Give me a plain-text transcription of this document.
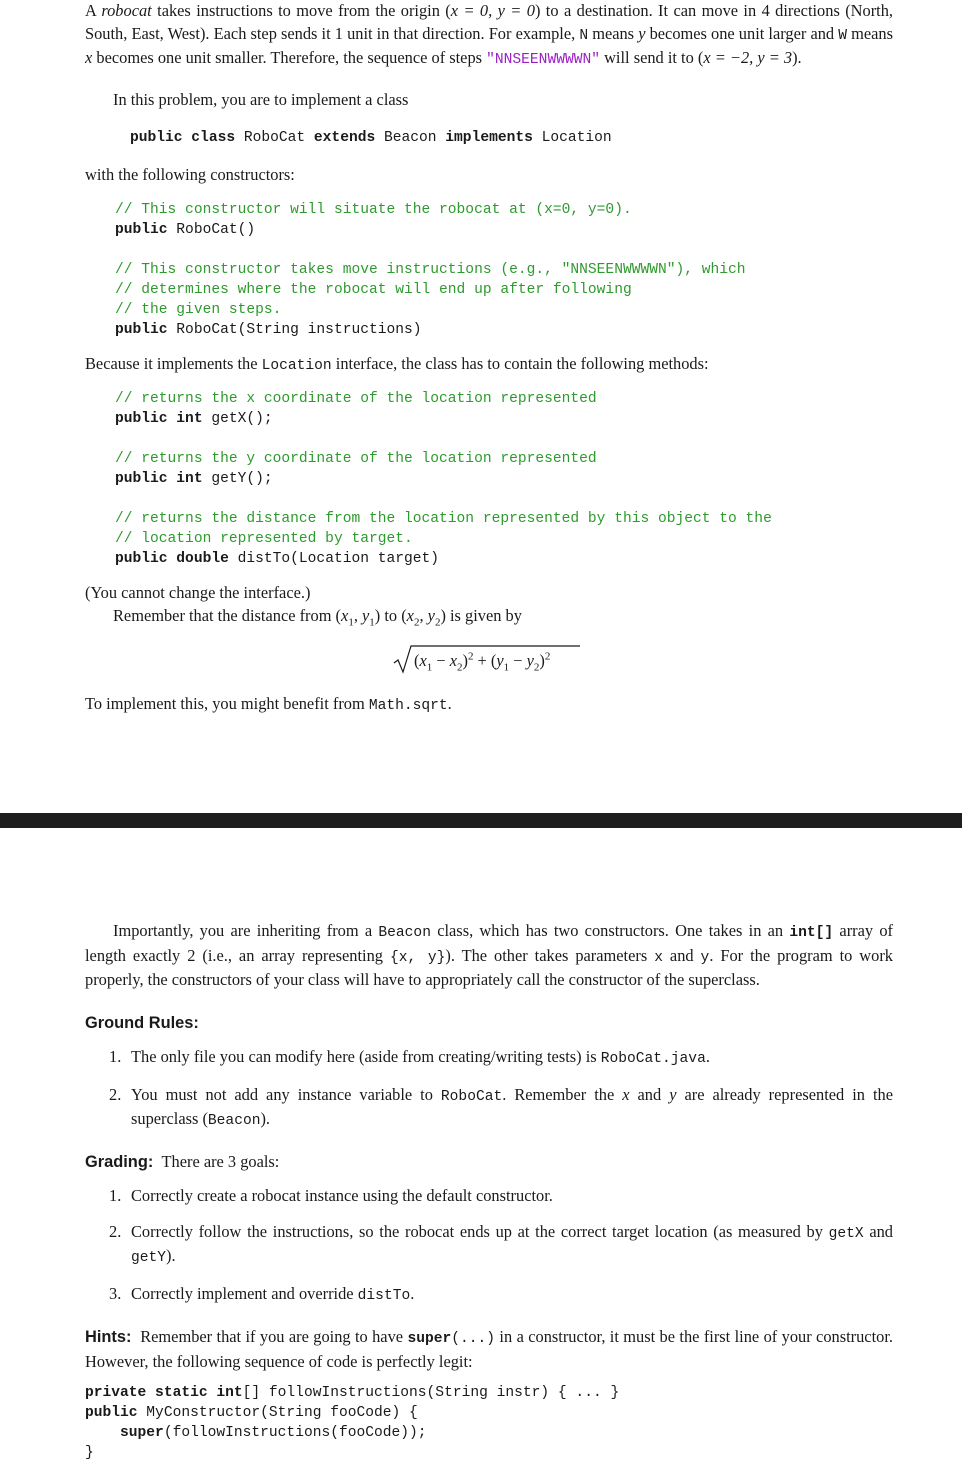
A robocat takes instructions to move from the origin (x = 0, y = 0) to a destination. It can move in 4 directions (North, South, East, West). Each step sends it 1 unit in that direction. For example, N means y becomes one unit larger and W means x becomes one unit smaller. Therefore, the sequence of steps "NNSEENWWWWN" will send it to (x = −2, y = 3).

In this problem, you are to implement a class

public class RoboCat extends Beacon implements Location

with the following constructors:

// This constructor will situate the robocat at (x=0, y=0).
public RoboCat()

// This constructor takes move instructions (e.g., "NNSEENWWWWN"), which
// determines where the robocat will end up after following
// the given steps.
public RoboCat(String instructions)

Because it implements the Location interface, the class has to contain the following methods:

// returns the x coordinate of the location represented
public int getX();

// returns the y coordinate of the location represented
public int getY();

// returns the distance from the location represented by this object to the
// location represented by target.
public double distTo(Location target)

(You cannot change the interface.)

Remember that the distance from ($x_1$, $y_1$) to ($x_2$, $y_2$) is given by

$(x_1 - x_2)^2 + (y_1 - y_2)^2$

To implement this, you might benefit from Math.sqrt.

Importantly, you are inheriting from a Beacon class, which has two constructors. One takes in an int[] array of length exactly 2 (i.e., an array representing {x, y}). The other takes parameters x and y. For the program to work properly, the constructors of your class will have to appropriately call the constructor of the superclass.

Ground Rules:

1. The only file you can modify here (aside from creating/writing tests) is RoboCat.java.
2. You must not add any instance variable to RoboCat. Remember the x and y are already represented in the superclass (Beacon).

Grading: There are 3 goals:

1. Correctly create a robocat instance using the default constructor.
2. Correctly follow the instructions, so the robocat ends up at the correct target location (as measured by getX and getY).
3. Correctly implement and override distTo.

Hints: Remember that if you are going to have super(...) in a constructor, it must be the first line of your constructor. However, the following sequence of code is perfectly legit:

private static int[] followInstructions(String instr) { ... }
public MyConstructor(String fooCode) {
super(followInstructions(fooCode));
}
